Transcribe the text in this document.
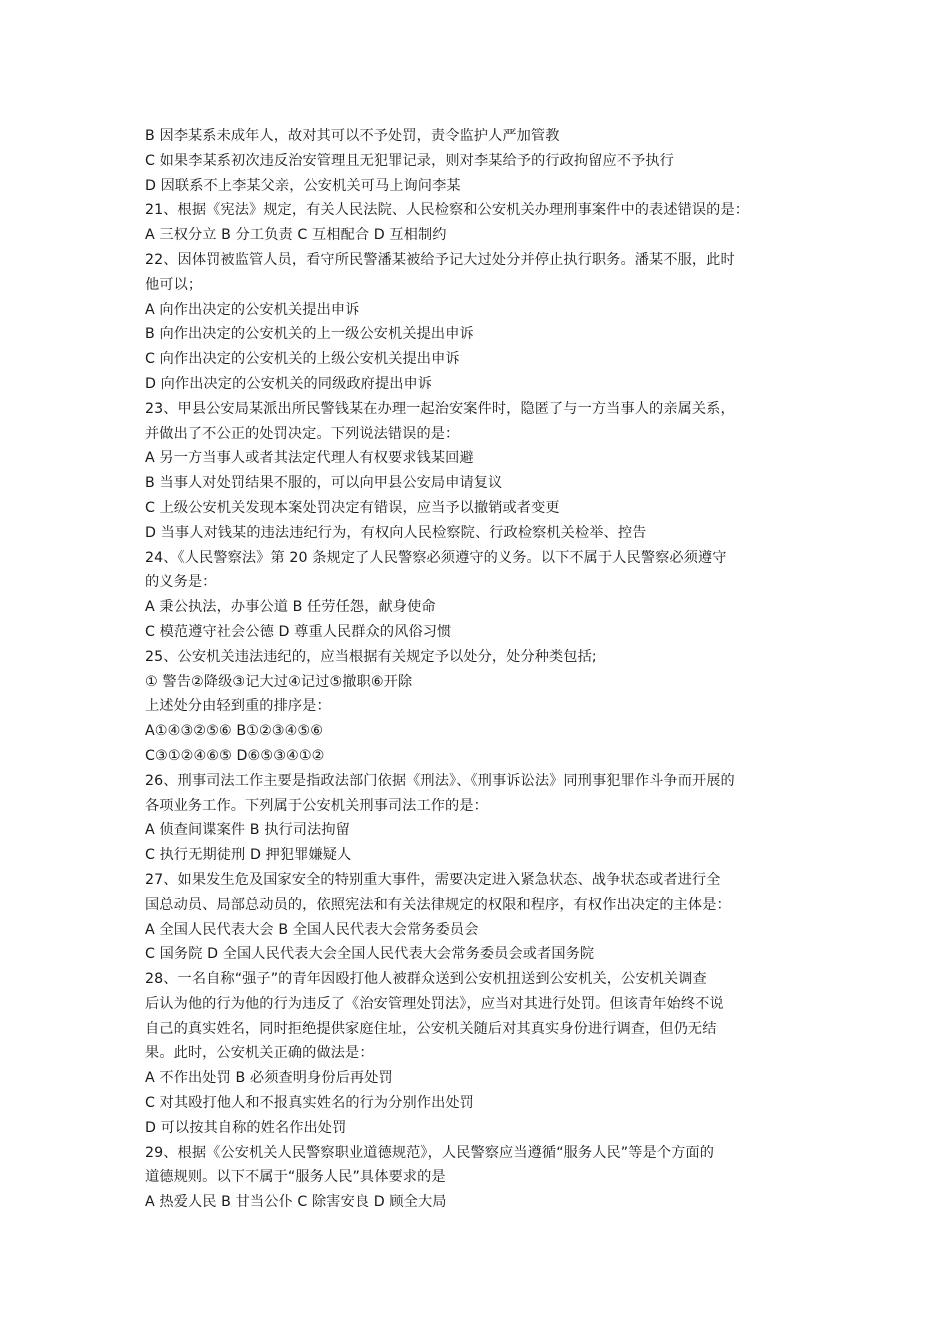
B 因李某系未成年人，故对其可以不予处罚，责令监护人严加管教
C 如果李某系初次违反治安管理且无犯罪记录，则对李某给予的行政拘留应不予执行
D 因联系不上李某父亲，公安机关可马上询问李某
21、根据《宪法》规定，有关人民法院、人民检察和公安机关办理刑事案件中的表述错误的是：
A 三权分立 B 分工负责 C 互相配合 D 互相制约
22、因体罚被监管人员，看守所民警潘某被给予记大过处分并停止执行职务。潘某不服，此时
他可以；
A 向作出决定的公安机关提出申诉
B 向作出决定的公安机关的上一级公安机关提出申诉
C 向作出决定的公安机关的上级公安机关提出申诉
D 向作出决定的公安机关的同级政府提出申诉
23、甲县公安局某派出所民警钱某在办理一起治安案件时，隐匿了与一方当事人的亲属关系，
并做出了不公正的处罚决定。下列说法错误的是：
A 另一方当事人或者其法定代理人有权要求钱某回避
B 当事人对处罚结果不服的，可以向甲县公安局申请复议
C 上级公安机关发现本案处罚决定有错误，应当予以撤销或者变更
D 当事人对钱某的违法违纪行为，有权向人民检察院、行政检察机关检举、控告
24、《人民警察法》第 20 条规定了人民警察必须遵守的义务。以下不属于人民警察必须遵守
的义务是：
A 秉公执法，办事公道 B 任劳任怨，献身使命
C 模范遵守社会公德 D 尊重人民群众的风俗习惯
25、公安机关违法违纪的，应当根据有关规定予以处分，处分种类包括;
① 警告②降级③记大过④记过⑤撤职⑥开除
上述处分由轻到重的排序是：
A①④③②⑤⑥ B①②③④⑤⑥
C③①②④⑥⑤ D⑥⑤③④①②
26、刑事司法工作主要是指政法部门依据《刑法》、《刑事诉讼法》同刑事犯罪作斗争而开展的
各项业务工作。下列属于公安机关刑事司法工作的是：
A 侦查间谍案件 B 执行司法拘留
C 执行无期徒刑 D 押犯罪嫌疑人
27、如果发生危及国家安全的特别重大事件，需要决定进入紧急状态、战争状态或者进行全
国总动员、局部总动员的，依照宪法和有关法律规定的权限和程序，有权作出决定的主体是：
A 全国人民代表大会 B 全国人民代表大会常务委员会
C 国务院 D 全国人民代表大会全国人民代表大会常务委员会或者国务院
28、一名自称“强子”的青年因殴打他人被群众送到公安机扭送到公安机关，公安机关调查
后认为他的行为他的行为违反了《治安管理处罚法》，应当对其进行处罚。但该青年始终不说
自己的真实姓名，同时拒绝提供家庭住址，公安机关随后对其真实身份进行调查，但仍无结
果。此时，公安机关正确的做法是：
A 不作出处罚 B 必须查明身份后再处罚
C 对其殴打他人和不报真实姓名的行为分别作出处罚
D 可以按其自称的姓名作出处罚
29、根据《公安机关人民警察职业道德规范》，人民警察应当遵循“服务人民”等是个方面的
道德规则。以下不属于“服务人民”具体要求的是
A 热爱人民 B 甘当公仆 C 除害安良 D 顾全大局
